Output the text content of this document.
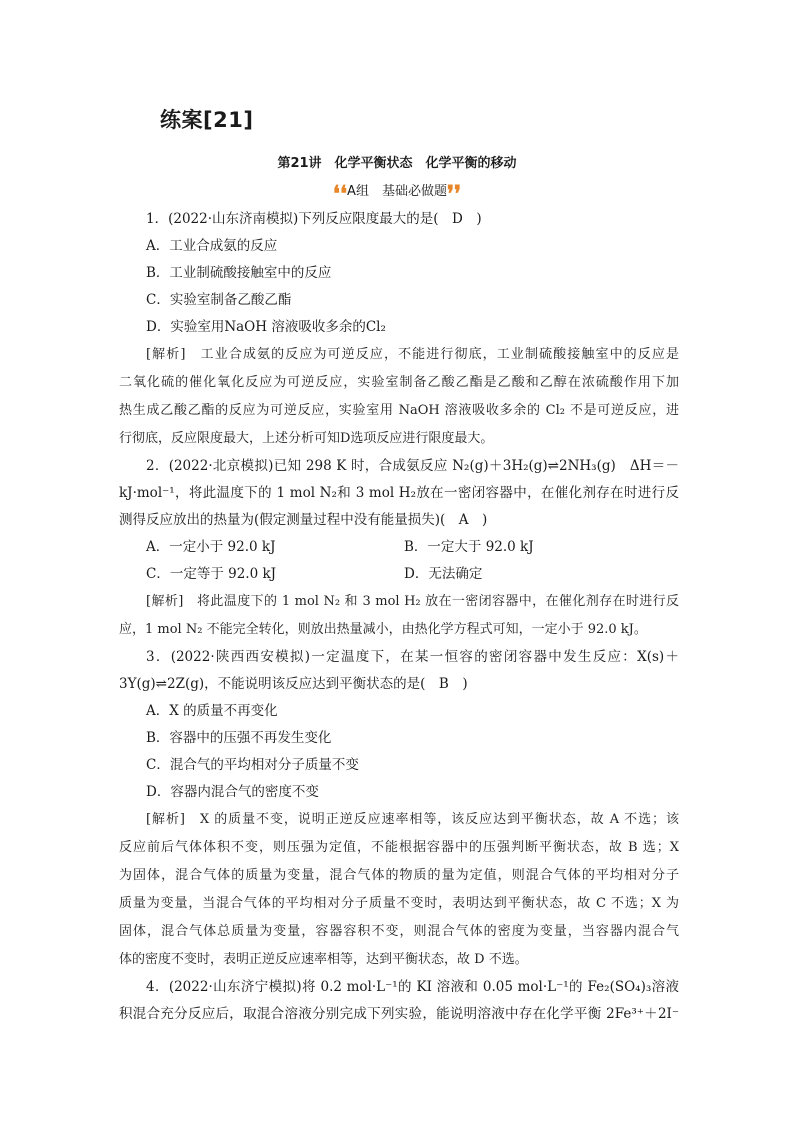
练案[21]
第21讲　化学平衡状态　化学平衡的移动
❛❛A组　基础必做题❜❜
1．(2022·山东济南模拟)下列反应限度最大的是(　D　)
A．工业合成氨的反应
B．工业制硫酸接触室中的反应
C．实验室制备乙酸乙酯
D．实验室用NaOH 溶液吸收多余的Cl₂
[解析]　工业合成氨的反应为可逆反应，不能进行彻底，工业制硫酸接触室中的反应是
二氧化硫的催化氧化反应为可逆反应，实验室制备乙酸乙酯是乙酸和乙醇在浓硫酸作用下加
热生成乙酸乙酯的反应为可逆反应，实验室用 NaOH 溶液吸收多余的 Cl₂ 不是可逆反应，进
行彻底，反应限度最大，上述分析可知D选项反应进行限度最大。
2．(2022·北京模拟)已知 298 K 时，合成氨反应 N₂(g)＋3H₂(g)⇌2NH₃(g)　ΔH＝－
kJ·mol⁻¹，将此温度下的 1 mol N₂和 3 mol H₂放在一密闭容器中，在催化剂存在时进行反
测得反应放出的热量为(假定测量过程中没有能量损失)(　A　)
A．一定小于 92.0 kJ	B．一定大于 92.0 kJ
C．一定等于 92.0 kJ	D．无法确定
[解析]　将此温度下的 1 mol N₂ 和 3 mol H₂ 放在一密闭容器中，在催化剂存在时进行反
应，1 mol N₂ 不能完全转化，则放出热量减小，由热化学方程式可知，一定小于 92.0 kJ。
3．(2022·陕西西安模拟)一定温度下，在某一恒容的密闭容器中发生反应：X(s)＋
3Y(g)⇌2Z(g)，不能说明该反应达到平衡状态的是(　B　)
A．X 的质量不再变化
B．容器中的压强不再发生变化
C．混合气的平均相对分子质量不变
D．容器内混合气的密度不变
[解析]　X 的质量不变，说明正逆反应速率相等，该反应达到平衡状态，故 A 不选；该
反应前后气体体积不变，则压强为定值，不能根据容器中的压强判断平衡状态，故 B 选；X
为固体，混合气体的质量为变量，混合气体的物质的量为定值，则混合气体的平均相对分子
质量为变量，当混合气体的平均相对分子质量不变时，表明达到平衡状态，故 C 不选；X 为
固体，混合气体总质量为变量，容器容积不变，则混合气体的密度为变量，当容器内混合气
体的密度不变时，表明正逆反应速率相等，达到平衡状态，故 D 不选。
4．(2022·山东济宁模拟)将 0.2 mol·L⁻¹的 KI 溶液和 0.05 mol·L⁻¹的 Fe₂(SO₄)₃溶液
积混合充分反应后，取混合溶液分别完成下列实验，能说明溶液中存在化学平衡 2Fe³⁺＋2I⁻
